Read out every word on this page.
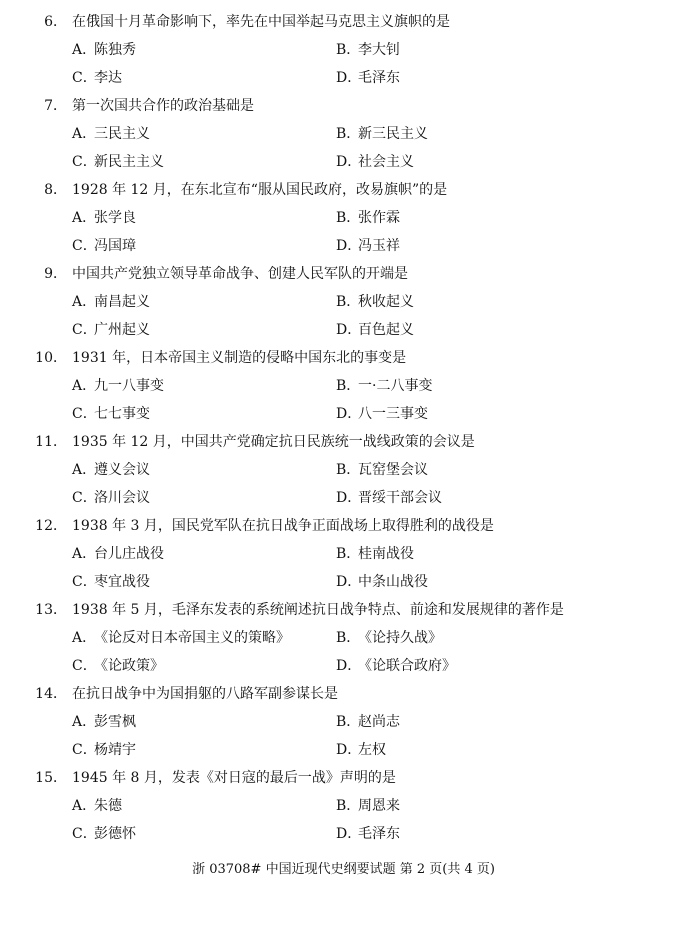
6． 在俄国十月革命影响下，率先在中国举起马克思主义旗帜的是
A．陈独秀	B．李大钊
C．李达	D．毛泽东
7． 第一次国共合作的政治基础是
A．三民主义	B．新三民主义
C．新民主主义	D．社会主义
8． 1928 年 12 月，在东北宣布“服从国民政府，改易旗帜”的是
A．张学良	B．张作霖
C．冯国璋	D．冯玉祥
9． 中国共产党独立领导革命战争、创建人民军队的开端是
A．南昌起义	B．秋收起义
C．广州起义	D．百色起义
10． 1931 年，日本帝国主义制造的侵略中国东北的事变是
A．九一八事变	B．一·二八事变
C．七七事变	D．八一三事变
11． 1935 年 12 月，中国共产党确定抗日民族统一战线政策的会议是
A．遵义会议	B．瓦窑堡会议
C．洛川会议	D．晋绥干部会议
12． 1938 年 3 月，国民党军队在抗日战争正面战场上取得胜利的战役是
A．台儿庄战役	B．桂南战役
C．枣宜战役	D．中条山战役
13． 1938 年 5 月，毛泽东发表的系统阐述抗日战争特点、前途和发展规律的著作是
A．《论反对日本帝国主义的策略》	B．《论持久战》
C．《论政策》	D．《论联合政府》
14． 在抗日战争中为国捐躯的八路军副参谋长是
A．彭雪枫	B．赵尚志
C．杨靖宇	D．左权
15． 1945 年 8 月，发表《对日寇的最后一战》声明的是
A．朱德	B．周恩来
C．彭德怀	D．毛泽东
浙 03708# 中国近现代史纲要试题 第 2 页(共 4 页)
